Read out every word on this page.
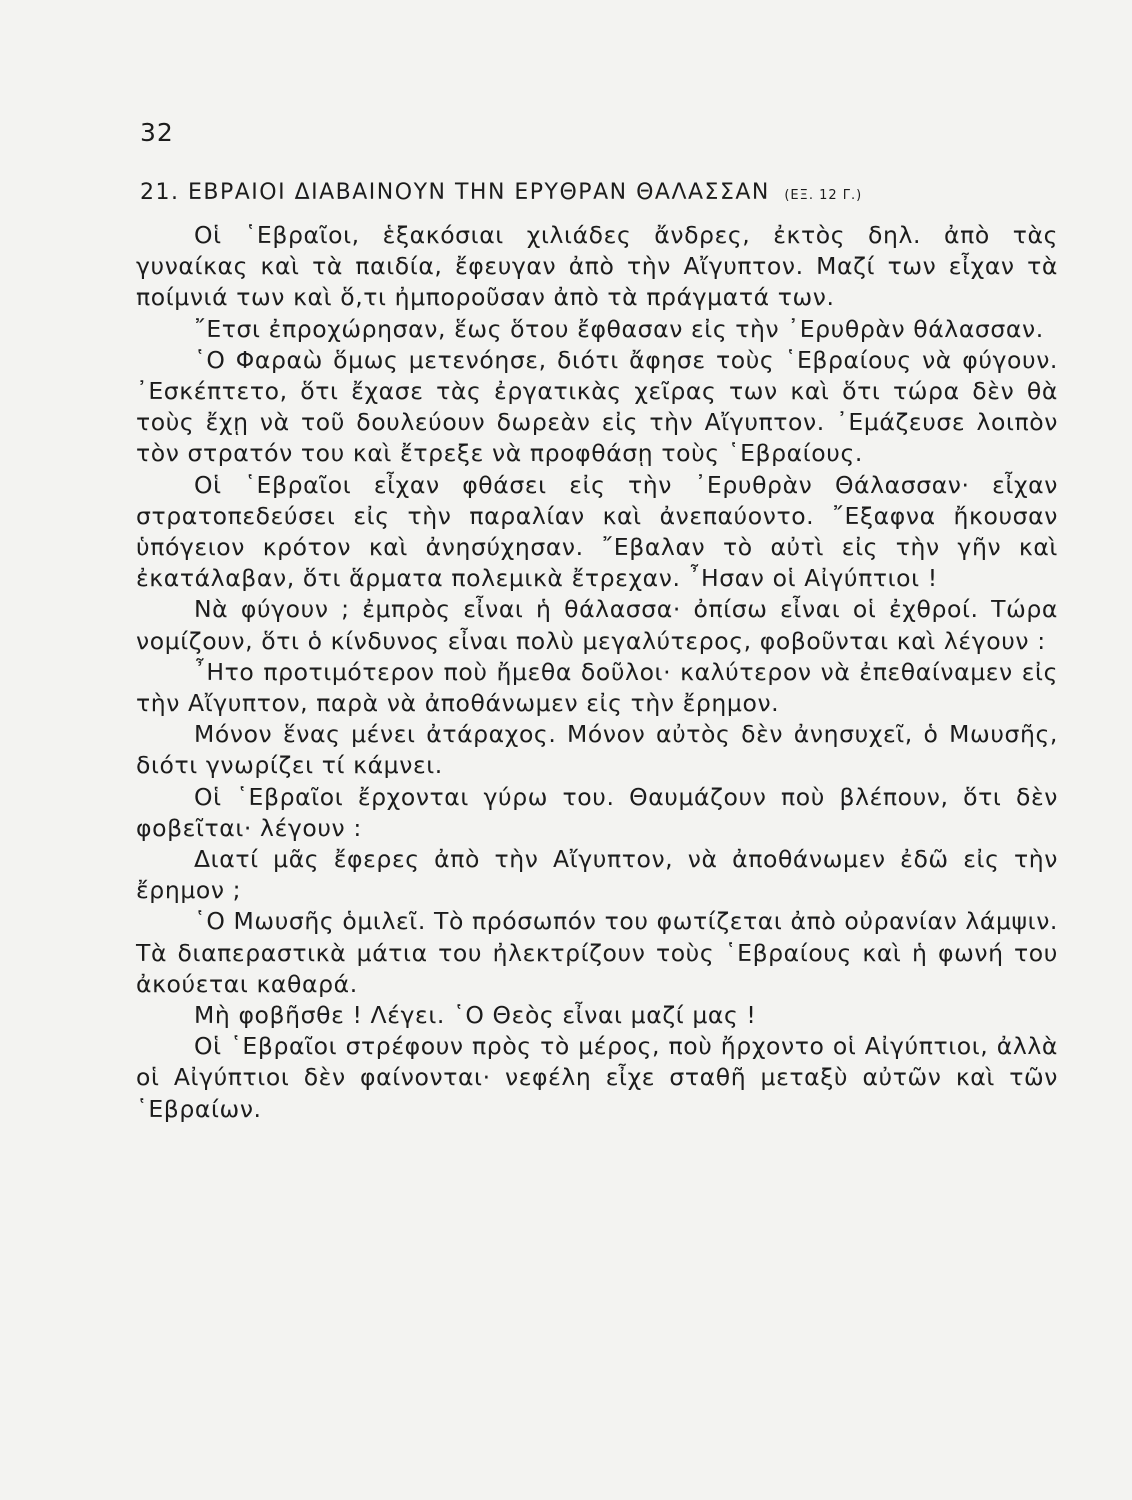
32
21. ΕΒΡΑΙΟΙ ΔΙΑΒΑΙΝΟΥΝ ΤΗΝ ΕΡΥΘΡΑΝ ΘΑΛΑΣΣΑΝ (ΕΞ. 12 Γ.)

Οἱ ῾Εβραῖοι, ἑξακόσιαι χιλιάδες ἄνδρες, ἐκτὸς δηλ. ἀπὸ τὰς γυναίκας καὶ τὰ παιδία, ἔφευγαν ἀπὸ τὴν Αἴγυπτον. Μαζί των εἶχαν τὰ ποίμνιά των καὶ ὅ,τι ἠμποροῦσαν ἀπὸ τὰ πράγματά των.

῎Ετσι ἐπροχώρησαν, ἕως ὅτου ἔφθασαν εἰς τὴν ᾿Ερυθρὰν θάλασσαν.

῾Ο Φαραὼ ὅμως μετενόησε, διότι ἄφησε τοὺς ῾Εβραίους νὰ φύγουν. ᾿Εσκέπτετο, ὅτι ἔχασε τὰς ἐργατικὰς χεῖρας των καὶ ὅτι τώρα δὲν θὰ τοὺς ἔχῃ νὰ τοῦ δουλεύουν δωρεὰν εἰς τὴν Αἴγυπτον. ᾿Εμάζευσε λοιπὸν τὸν στρατόν του καὶ ἔτρεξε νὰ προφθάσῃ τοὺς ῾Εβραίους.

Οἱ ῾Εβραῖοι εἶχαν φθάσει εἰς τὴν ᾿Ερυθρὰν Θάλασσαν· εἶχαν στρατοπεδεύσει εἰς τὴν παραλίαν καὶ ἀνεπαύοντο. ῎Εξαφνα ἤκουσαν ὑπόγειον κρότον καὶ ἀνησύχησαν. ῎Εβαλαν τὸ αὐτὶ εἰς τὴν γῆν καὶ ἐκατάλαβαν, ὅτι ἅρματα πολεμικὰ ἔτρεχαν. ῏Ησαν οἱ Αἰγύπτιοι !

Νὰ φύγουν ; ἐμπρὸς εἶναι ἡ θάλασσα· ὀπίσω εἶναι οἱ ἐχθροί. Τώρα νομίζουν, ὅτι ὁ κίνδυνος εἶναι πολὺ μεγαλύτερος, φοβοῦνται καὶ λέγουν :

῏Ητο προτιμότερον ποὺ ἤμεθα δοῦλοι· καλύτερον νὰ ἐπεθαίναμεν εἰς τὴν Αἴγυπτον, παρὰ νὰ ἀποθάνωμεν εἰς τὴν ἔρημον.

Μόνον ἕνας μένει ἀτάραχος. Μόνον αὐτὸς δὲν ἀνησυχεῖ, ὁ Μωυσῆς, διότι γνωρίζει τί κάμνει.

Οἱ ῾Εβραῖοι ἔρχονται γύρω του. Θαυμάζουν ποὺ βλέπουν, ὅτι δὲν φοβεῖται· λέγουν :

Διατί μᾶς ἔφερες ἀπὸ τὴν Αἴγυπτον, νὰ ἀποθάνωμεν ἐδῶ εἰς τὴν ἔρημον ;

῾Ο Μωυσῆς ὁμιλεῖ. Τὸ πρόσωπόν του φωτίζεται ἀπὸ οὐρανίαν λάμψιν. Τὰ διαπεραστικὰ μάτια του ἠλεκτρίζουν τοὺς ῾Εβραίους καὶ ἡ φωνή του ἀκούεται καθαρά.

Μὴ φοβῆσθε ! Λέγει. ῾Ο Θεὸς εἶναι μαζί μας !

Οἱ ῾Εβραῖοι στρέφουν πρὸς τὸ μέρος, ποὺ ἤρχοντο οἱ Αἰγύπτιοι, ἀλλὰ οἱ Αἰγύπτιοι δὲν φαίνονται· νεφέλη εἶχε σταθῆ μεταξὺ αὐτῶν καὶ τῶν ῾Εβραίων.
